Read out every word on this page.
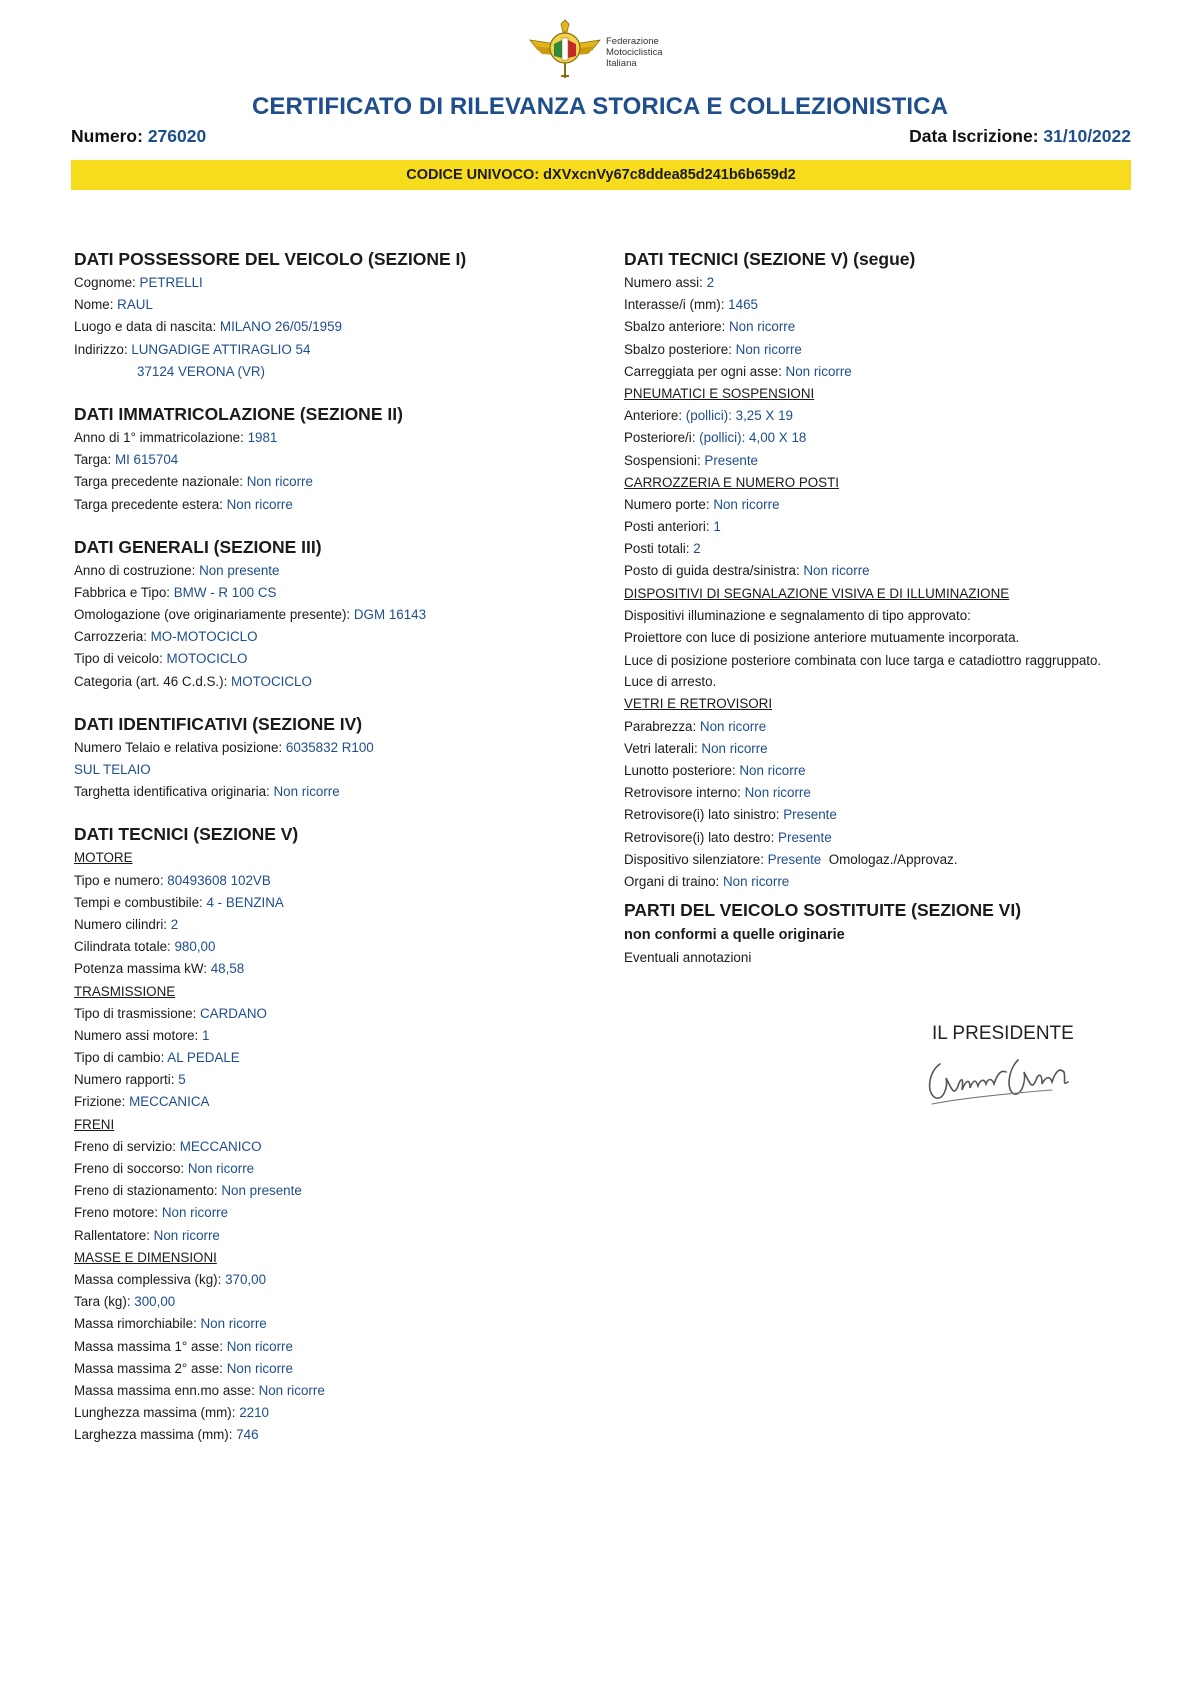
Federazione
Motociclistica
Italiana
CERTIFICATO DI RILEVANZA STORICA E COLLEZIONISTICA
Numero: 276020	Data Iscrizione: 31/10/2022
CODICE UNIVOCO: dXVxcnVy67c8ddea85d241b6b659d2
DATI POSSESSORE DEL VEICOLO (SEZIONE I)
Cognome: PETRELLI
Nome: RAUL
Luogo e data di nascita: MILANO 26/05/1959
Indirizzo: LUNGADIGE ATTIRAGLIO 54
37124 VERONA (VR)
DATI IMMATRICOLAZIONE (SEZIONE II)
Anno di 1° immatricolazione: 1981
Targa: MI 615704
Targa precedente nazionale: Non ricorre
Targa precedente estera: Non ricorre
DATI GENERALI (SEZIONE III)
Anno di costruzione: Non presente
Fabbrica e Tipo: BMW - R 100 CS
Omologazione (ove originariamente presente): DGM 16143
Carrozzeria: MO-MOTOCICLO
Tipo di veicolo: MOTOCICLO
Categoria (art. 46 C.d.S.): MOTOCICLO
DATI IDENTIFICATIVI (SEZIONE IV)
Numero Telaio e relativa posizione: 6035832 R100
SUL TELAIO
Targhetta identificativa originaria: Non ricorre
DATI TECNICI (SEZIONE V)
MOTORE
Tipo e numero: 80493608 102VB
Tempi e combustibile: 4 - BENZINA
Numero cilindri: 2
Cilindrata totale: 980,00
Potenza massima kW: 48,58
TRASMISSIONE
Tipo di trasmissione: CARDANO
Numero assi motore: 1
Tipo di cambio: AL PEDALE
Numero rapporti: 5
Frizione: MECCANICA
FRENI
Freno di servizio: MECCANICO
Freno di soccorso: Non ricorre
Freno di stazionamento: Non presente
Freno motore: Non ricorre
Rallentatore: Non ricorre
MASSE E DIMENSIONI
Massa complessiva (kg): 370,00
Tara (kg): 300,00
Massa rimorchiabile: Non ricorre
Massa massima 1° asse: Non ricorre
Massa massima 2° asse: Non ricorre
Massa massima enn.mo asse: Non ricorre
Lunghezza massima (mm): 2210
Larghezza massima (mm): 746
DATI TECNICI (SEZIONE V) (segue)
Numero assi: 2
Interasse/i (mm): 1465
Sbalzo anteriore: Non ricorre
Sbalzo posteriore: Non ricorre
Carreggiata per ogni asse: Non ricorre
PNEUMATICI E SOSPENSIONI
Anteriore: (pollici): 3,25 X 19
Posteriore/i: (pollici): 4,00 X 18
Sospensioni: Presente
CARROZZERIA E NUMERO POSTI
Numero porte: Non ricorre
Posti anteriori: 1
Posti totali: 2
Posto di guida destra/sinistra: Non ricorre
DISPOSITIVI DI SEGNALAZIONE VISIVA E DI ILLUMINAZIONE
Dispositivi illuminazione e segnalamento di tipo approvato:
Proiettore con luce di posizione anteriore mutuamente incorporata.
Luce di posizione posteriore combinata con luce targa e catadiottro raggruppato.
Luce di arresto.
VETRI E RETROVISORI
Parabrezza: Non ricorre
Vetri laterali: Non ricorre
Lunotto posteriore: Non ricorre
Retrovisore interno: Non ricorre
Retrovisore(i) lato sinistro: Presente
Retrovisore(i) lato destro: Presente
Dispositivo silenziatore: Presente  Omologaz./Approvaz.
Organi di traino: Non ricorre
PARTI DEL VEICOLO SOSTITUITE (SEZIONE VI)
non conformi a quelle originarie
Eventuali annotazioni
IL PRESIDENTE
